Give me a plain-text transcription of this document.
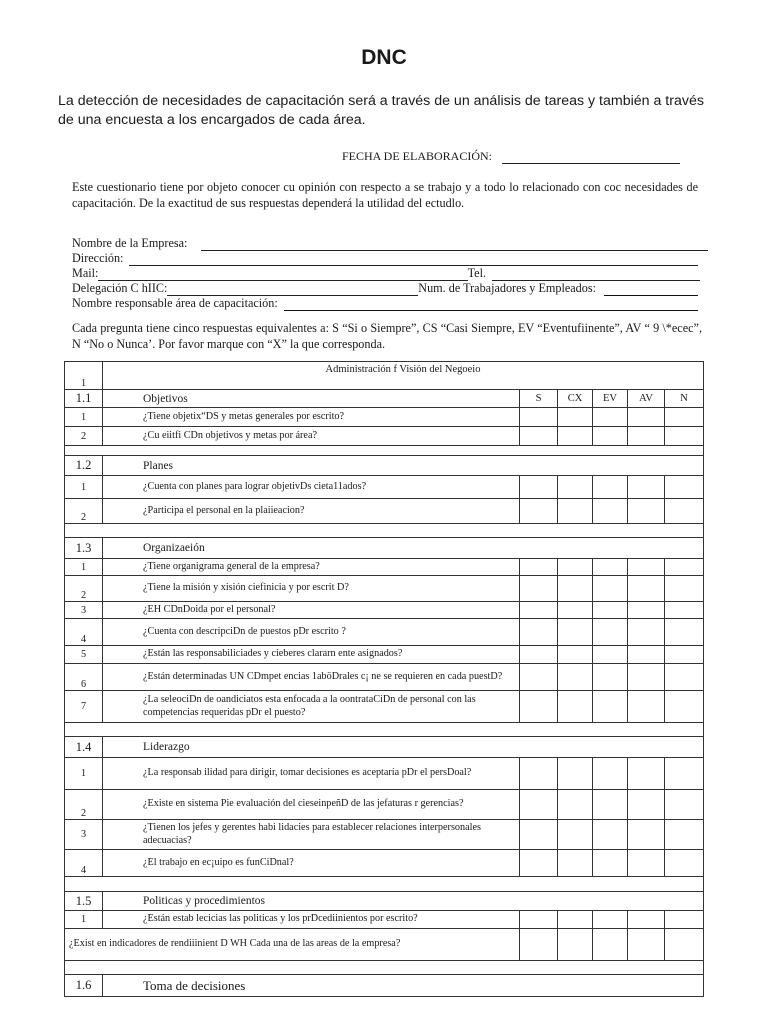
DNC
La detección de necesidades de capacitación será a través de un análisis de tareas y también a través de una encuesta a los encargados de cada área.
FECHA DE ELABORACIÓN:
Este cuestionario tiene por objeto conocer cu opinión con respecto a se trabajo y a todo lo relacionado con coc necesidades de capacitación. De la exactitud de sus respuestas dependerá la utilidad del ectudlo.
Nombre de la Empresa:
Dirección:
Mail:	Tel.
Delegación C hIIC:	Num. de Trabajadores y Empleados:
Nombre responsable área de capacitación:
Cada pregunta tiene cinco respuestas equivalentes a: S “Si o Siempre”, CS “Casi Siempre, EV “Eventufiinente”, AV “ 9 \*ecec”, N “No o Nunca’. Por favor marque con “X” la que corresponda.
1	Administración f Visión del Negoeio					
1.1	Objetivos	S	CX	EV	AV	N
1	¿Tiene objetix“DS y metas generales por escrito?					
2	¿Cu eiitfi CDn objetivos y metas por área?					

1.2	Planes					
1	¿Cuenta con planes para lograr objetivDs cieta11ados?					
2	¿Participa el personal en la plaiieacion?					

1.3	Organizaeión					
1	¿Tiene organigrama general de la empresa?					
2	¿Tiene la misión y xisión ciefinicia y por escrit D?					
3	¿EH CDnDoida por el personal?					
4	¿Cuenta con descripciDn de puestos pDr escrito ?					
5	¿Están las responsabiliciades y cieberes clararn ente asignados?					
6	¿Están determinadas UN CDmpet encias 1aböDrales c¡ ne se requieren en cada puestD?					
7	¿La seleociDn de oandiciatos esta enfocada a la oontrataCiDn de personal con las competencias requeridas pDr el puesto?					

1.4	Liderazgo					
1	¿La responsab ilidad para dirigir, tomar decisiones es aceptaría pDr el persDoal?					
2	¿Existe en sistema Pie evaluación del cieseinpeñD de las jefaturas r gerencias?					
3	¿Tienen los jefes y gerentes habi lidacies para establecer relaciones interpersonales adecuacias?					
4	¿El trabajo en ec¡uipo es funCiDnal?					

1.5	Politicas y procedimientos					
1	¿Están estab lecicias las politicas y los prDcediinientos por escrito?					
¿Exist en indicadores de rendiiinient D WH Cada una de las areas de la empresa?						

1.6	Toma de decisiones					
